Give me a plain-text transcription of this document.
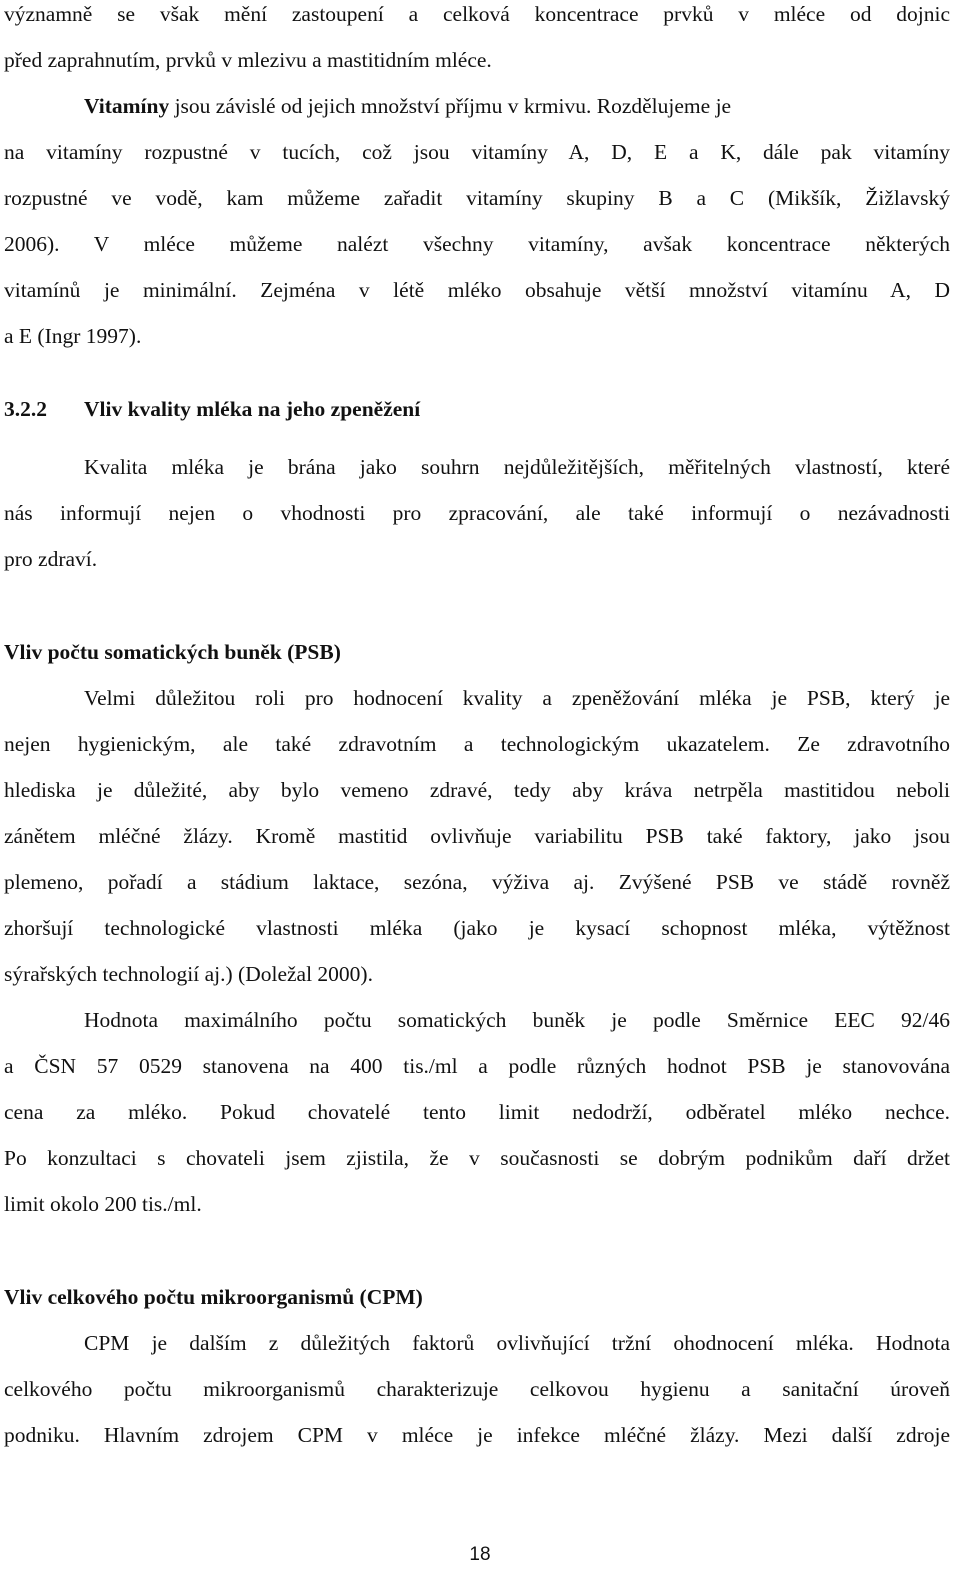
významně se však mění zastoupení a celková koncentrace prvků v mléce od dojnic
před zaprahnutím, prvků v mlezivu a mastitidním mléce.
Vitamíny jsou závislé od jejich množství příjmu v krmivu. Rozdělujeme je
na vitamíny rozpustné v tucích, což jsou vitamíny A, D, E a K, dále pak vitamíny
rozpustné ve vodě, kam můžeme zařadit vitamíny skupiny B a C (Mikšík, Žižlavský
2006). V mléce můžeme nalézt všechny vitamíny, avšak koncentrace některých
vitamínů je minimální. Zejména v létě mléko obsahuje větší množství vitamínu A, D
a E (Ingr 1997).
3.2.2 Vliv kvality mléka na jeho zpeněžení
Kvalita mléka je brána jako souhrn nejdůležitějších, měřitelných vlastností, které
nás informují nejen o vhodnosti pro zpracování, ale také informují o nezávadnosti
pro zdraví.
Vliv počtu somatických buněk (PSB)
Velmi důležitou roli pro hodnocení kvality a zpeněžování mléka je PSB, který je
nejen hygienickým, ale také zdravotním a technologickým ukazatelem. Ze zdravotního
hlediska je důležité, aby bylo vemeno zdravé, tedy aby kráva netrpěla mastitidou neboli
zánětem mléčné žlázy. Kromě mastitid ovlivňuje variabilitu PSB také faktory, jako jsou
plemeno, pořadí a stádium laktace, sezóna, výživa aj. Zvýšené PSB ve stádě rovněž
zhoršují technologické vlastnosti mléka (jako je kysací schopnost mléka, výtěžnost
sýrařských technologií aj.) (Doležal 2000).
Hodnota maximálního počtu somatických buněk je podle Směrnice EEC 92/46
a ČSN 57 0529 stanovena na 400 tis./ml a podle různých hodnot PSB je stanovována
cena za mléko. Pokud chovatelé tento limit nedodrží, odběratel mléko nechce.
Po konzultaci s chovateli jsem zjistila, že v současnosti se dobrým podnikům daří držet
limit okolo 200 tis./ml.
Vliv celkového počtu mikroorganismů (CPM)
CPM je dalším z důležitých faktorů ovlivňující tržní ohodnocení mléka. Hodnota
celkového počtu mikroorganismů charakterizuje celkovou hygienu a sanitační úroveň
podniku. Hlavním zdrojem CPM v mléce je infekce mléčné žlázy. Mezi další zdroje
18
